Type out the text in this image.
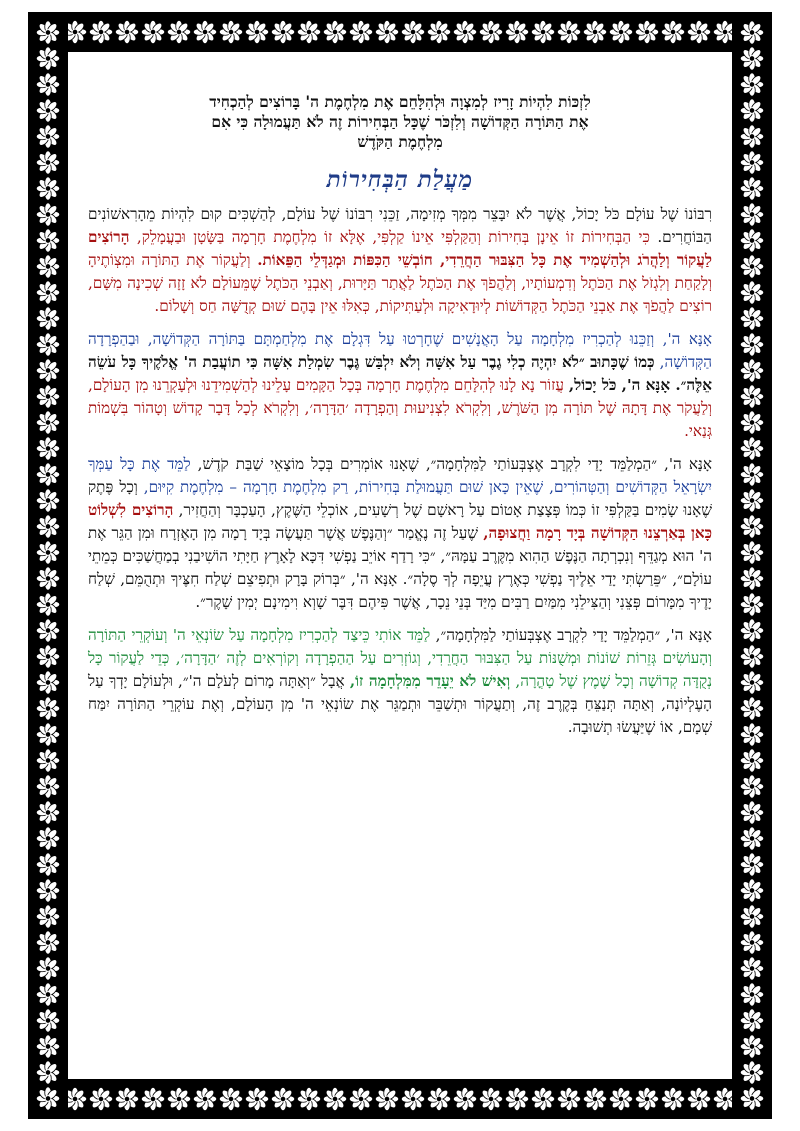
לִזְכּוֹת לִהְיוֹת זָרִיז לְמִצְוָה וּלְהִלָּחֵם אֶת מִלְחֶמֶת ה' בָּרוֹצִים לְהַכְחִיד
אֶת הַתּוֹרָה הַקְּדוֹשָׁה וְלִזְכֹּר שֶׁכָּל הַבְּחִירוֹת זֶה לֹא תַּעֲמוּלָה כִּי אִם
מִלְחֶמֶת הַקֹּדֶשׁ
מַעֲלַת הַבְּחִירוֹת

רִבּוֹנוֹ שֶׁל עוֹלָם כֹּל יָכוֹל, אֲשֶׁר לֹא יִבָּצֵר מִמְּךָ מְזִימָה, זַכֵּנִי רִבּוֹנוֹ שֶׁל עוֹלָם, לְהַשְׁכִּים קוּם לִהְיוֹת מֵהָרִאשׁוֹנִים הַבּוֹחֲרִים. כִּי הַבְּחִירוֹת זוֹ אֵינָן בְּחִירוֹת וְהַקַּלְפִּי אֵינוֹ קַלְפִּי, אֶלָּא זוֹ מִלְחֶמֶת חָרְמָה בַּשָּׂטָן וּבַעֲמָלֵק, הָרוֹצִים לַעֲקוֹר וְלַהֲרֹג וּלְהַשְׁמִיד אֶת כָּל הַצִּבּוּר הַחֲרֵדִי, חוֹבְשֵׁי הַכִּפּוֹת וּמְגַדְּלֵי הַפֵּאוֹת. וְלַעֲקוֹר אֶת הַתּוֹרָה וּמִצְוֹתֶיהָ וְלָקַחַת וְלִגְזֹל אֶת הַכֹּתֶל וְדִמְעוֹתָיו, וְלַהֲפֹךְ אֶת הַכֹּתֶל לַאֲתַר תַּיָּרוּת, וְאַבְנֵי הַכֹּתֶל שֶׁמֵּעוֹלָם לֹא זָזָה שְׁכִינָה מִשָּׁם, רוֹצִים לַהֲפֹךְ אֶת אַבְנֵי הַכֹּתֶל הַקְּדוֹשׁוֹת לְיוּדָאִיקָה וּלְעַתִּיקוֹת, כְּאִלּוּ אֵין בָּהֶם שׁוּם קְדֻשָּׁה חַס וְשָׁלוֹם.

אָנָּא ה', וְזַכֵּנוּ לְהַכְרִיז מִלְחָמָה עַל הָאֲנָשִׁים שֶׁחָרְטוּ עַל דִּגְלָם אֶת מִלְחַמְתָּם בַּתּוֹרָה הַקְּדוֹשָׁה, וּבַהַפְרָדָה הַקְּדוֹשָׁה, כְּמוֹ שֶׁכָּתוּב ״לֹא יִהְיֶה כְלִי גֶבֶר עַל אִשָּׁה וְלֹא יִלְבַּשׁ גֶּבֶר שִׂמְלַת אִשָּׁה כִּי תוֹעֲבַת ה' אֱלֹקֶיךָ כָּל עֹשֵׂה אֵלֶּה״. אָנָּא ה', כֹּל יָכוֹל, עֲזוֹר נָא לָנוּ לְהִלָּחֵם מִלְחֶמֶת חָרְמָה בְּכָל הַקָּמִים עָלֵינוּ לְהַשְׁמִידֵנוּ וּלְעָקְרֵנוּ מִן הָעוֹלָם, וְלַעֲקֹר אֶת דָּתָהּ שֶׁל תּוֹרָה מִן הַשֹּׁרֶשׁ, וְלִקְרֹא לִצְנִיעוּת וְהַפְרָדָה ׳הַדָּרָה׳, וְלִקְרֹא לְכָל דָּבָר קָדוֹשׁ וְטָהוֹר בִּשְׁמוֹת גְּנַאי.

אָנָּא ה', ״הַמְלַמֵּד יָדַי לִקְרָב אֶצְבְּעוֹתַי לַמִּלְחָמָה״, שֶׁאָנוּ אוֹמְרִים בְּכָל מוֹצָאֵי שַׁבַּת קֹדֶשׁ, לַמֵּד אֶת כָּל עַמְּךָ יִשְׂרָאֵל הַקְּדוֹשִׁים וְהַטְּהוֹרִים, שֶׁאֵין כָּאן שׁוּם תַּעֲמוּלַת בְּחִירוֹת, רַק מִלְחֶמֶת חָרְמָה – מִלְחֶמֶת קִיּוּם, וְכָל פֶּתֶק שֶׁאָנוּ שָׂמִים בַּקַּלְפִּי זוֹ כְּמוֹ פְּצָצַת אָטוֹם עַל רָאשָׁם שֶׁל רְשָׁעִים, אוֹכְלֵי הַשֶּׁקֶץ, הָעַכְבָּר וְהַחֲזִיר, הָרוֹצִים לִשְׁלוֹט כָּאן בְּאַרְצֵנוּ הַקְּדוֹשָׁה בְּיָד רָמָה וַחֲצוּפָה, שֶׁעַל זֶה נֶאֱמַר ״וְהַנֶּפֶשׁ אֲשֶׁר תַּעֲשֶׂה בְּיָד רָמָה מִן הָאֶזְרָח וּמִן הַגֵּר אֶת ה' הוּא מְגַדֵּף וְנִכְרְתָה הַנֶּפֶשׁ הַהִוא מִקֶּרֶב עַמָּהּ״, ״כִּי רָדַף אוֹיֵב נַפְשִׁי דִּכָּא לָאָרֶץ חַיָּתִי הוֹשִׁיבַנִי בְמַחֲשַׁכִּים כְּמֵתֵי עוֹלָם״, ״פֵּרַשְׂתִּי יָדַי אֵלֶיךָ נַפְשִׁי כְּאֶרֶץ עֲיֵפָה לְךָ סֶלָה״. אָנָּא ה', ״בְּרוֹק בָּרָק וּתְפִיצֵם שְׁלַח חִצֶּיךָ וּתְהֻמֵּם, שְׁלַח יָדֶיךָ מִמָּרוֹם פְּצֵנִי וְהַצִּילֵנִי מִמַּיִם רַבִּים מִיַּד בְּנֵי נֵכָר, אֲשֶׁר פִּיהֶם דִּבֶּר שָׁוְא וִימִינָם יְמִין שָׁקֶר״.

אָנָּא ה', ״הַמְלַמֵּד יָדַי לִקְרָב אֶצְבְּעוֹתַי לַמִּלְחָמָה״, לַמֵּד אוֹתִי כֵּיצַד לְהַכְרִיז מִלְחָמָה עַל שׂוֹנְאֵי ה' וְעוֹקְרֵי הַתּוֹרָה וְהָעוֹשִׂים גְּזֵרוֹת שׁוֹנוֹת וּמְשֻׁנּוֹת עַל הַצִּבּוּר הַחֲרֵדִי, וְגוֹזְרִים עַל הַהַפְרָדָה וְקוֹרְאִים לְזֶה ׳הַדָּרָה׳, כְּדֵי לַעֲקוֹר כָּל נְקֻדָּה קְדוֹשָׁה וְכָל שֶׁמֶץ שֶׁל טָהֳרָה, וְאִישׁ לֹא יֵעָדֵר מִמִּלְחָמָה זוֹ, אֲבָל ״וְאַתָּה מָרוֹם לְעֹלָם ה'״, וּלְעוֹלָם יָדְךָ עַל הָעֶלְיוֹנָה, וְאַתָּה תְּנַצֵּחַ בְּקֶרֶב זֶה, וְתַעֲקוֹר וּתְשַׁבֵּר וּתְמַגֵּר אֶת שׂוֹנְאֵי ה' מִן הָעוֹלָם, וְאֶת עוֹקְרֵי הַתּוֹרָה יִמַּח שְׁמָם, אוֹ שֶׁיַּעֲשׂוּ תְשׁוּבָה.
